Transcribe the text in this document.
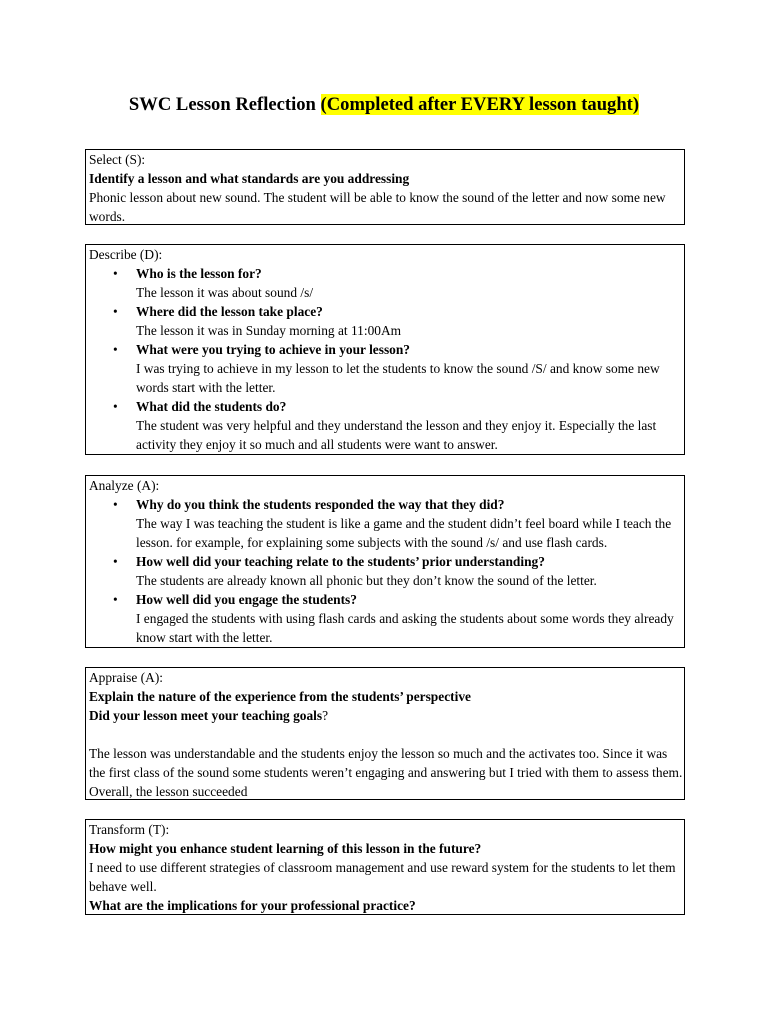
SWC Lesson Reflection (Completed after EVERY lesson taught)

Select (S):

Identify a lesson and what standards are you addressing

Phonic lesson about new sound. The student will be able to know the sound of the letter and now some new words.

Describe (D):

• Who is the lesson for?
The lesson it was about sound /s/
• Where did the lesson take place?
The lesson it was in Sunday morning at 11:00Am
• What were you trying to achieve in your lesson?
I was trying to achieve in my lesson to let the students to know the sound /S/ and know some new words start with the letter.
• What did the students do?
The student was very helpful and they understand the lesson and they enjoy it. Especially the last activity they enjoy it so much and all students were want to answer.

Analyze (A):

• Why do you think the students responded the way that they did?
The way I was teaching the student is like a game and the student didn’t feel board while I teach the lesson. for example, for explaining some subjects with the sound /s/ and use flash cards.
• How well did your teaching relate to the students’ prior understanding?
The students are already known all phonic but they don’t know the sound of the letter.
• How well did you engage the students?
I engaged the students with using flash cards and asking the students about some words they already know start with the letter.

Appraise (A):

Explain the nature of the experience from the students’ perspective

Did your lesson meet your teaching goals?

The lesson was understandable and the students enjoy the lesson so much and the activates too. Since it was the first class of the sound some students weren’t engaging and answering but I tried with them to assess them. Overall, the lesson succeeded

Transform (T):

How might you enhance student learning of this lesson in the future?

I need to use different strategies of classroom management and use reward system for the students to let them behave well.

What are the implications for your professional practice?
